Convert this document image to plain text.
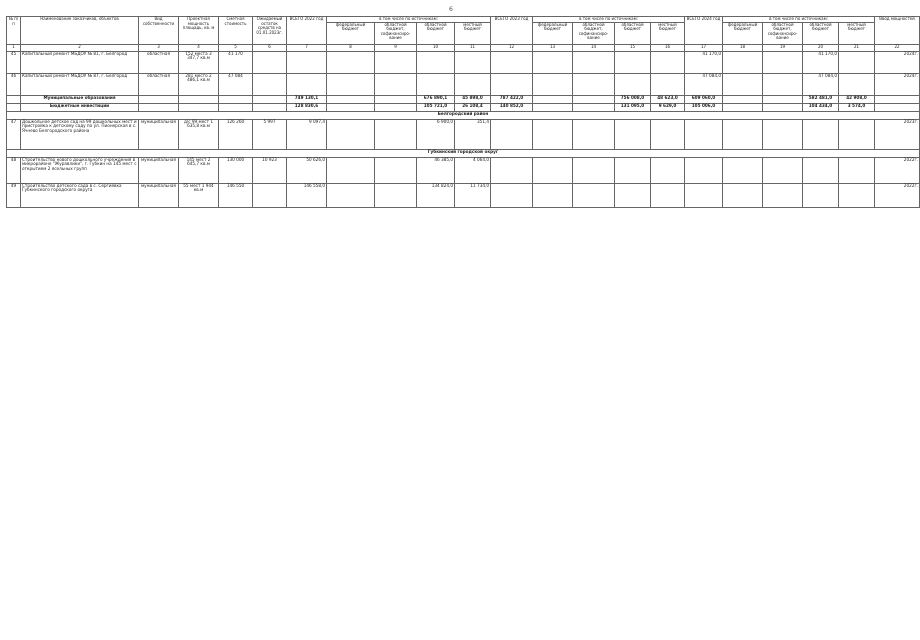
6
№ п/п	Наименование заказчиков, объектов	Вид собственности	Проектная мощность площадь, кв. м	Сметная стоимость	Ожидаемый остаток средств на 01.01.2023г.	ВСЕГО 2022 год	в том числе по источникам:				ВСЕГО 2023 год	в том числе по источникам:				ВСЕГО 2024 год	в том числе по источникам:				Ввод мощностей
							федеральный бюджет	областной бюджет, софинансиро-вание	областной бюджет	местный бюджет		федеральный бюджет	областной бюджет, софинансиро-вание	областной бюджет	местный бюджет		федеральный бюджет	областной бюджет, софинансиро-вание	областной бюджет	местный бюджет	
1	2	3	4	5	6	7	8	9	10	11	12	13	14	15	16	17	18	19	20	21	22
45	Капитальный ремонт МБДОУ № 81, г. Белгород	областная	152 места 3 347,7 кв.м	41 170												41 170,0			41 170,0		2024г.
46	Капитальный ремонт МБДОУ № 87, г. Белгород	областная	281 место 2 486,1 кв.м	47 084												47 084,0			47 084,0		2024г.
	Муниципальные образования					749 130,1			676 890,1	45 898,0	787 422,0			756 008,0	48 623,0	609 060,0			582 481,0	42 908,0	
	Бюджетные инвестиции					128 830,6			105 721,0	26 108,4	140 852,0			131 095,0	9 629,0	105 006,0			104 434,0	3 574,0	
Белгородский район																					
47	Дошкольное детское сад на 99 дошкольных мест и пристройка к детскому саду по ул. Пионерская в с. Ячнево Белгородского района	муниципальная	д/с 99 мест 1 635,8 кв.м	126 260	5 997	9 097,4			6 900,0	351,4											2023г.
Губкинский городской округ																					
48	Строительство нового дошкольного учреждения в микрорайоне "Журавлики", г. Губкин на 145 мест с открытием 2 ясельных групп	муниципальная	145 мест 2 645,7 кв.м	130 000	10 923	50 626,0			46 385,0	4 064,0											2022г.
49	Строительство детского сада в с. Сергиевка Губкинского городского округа	муниципальная	55 мест 1 944 кв.м	146 550		146 558,0			134 824,0	11 734,0											2022г.
